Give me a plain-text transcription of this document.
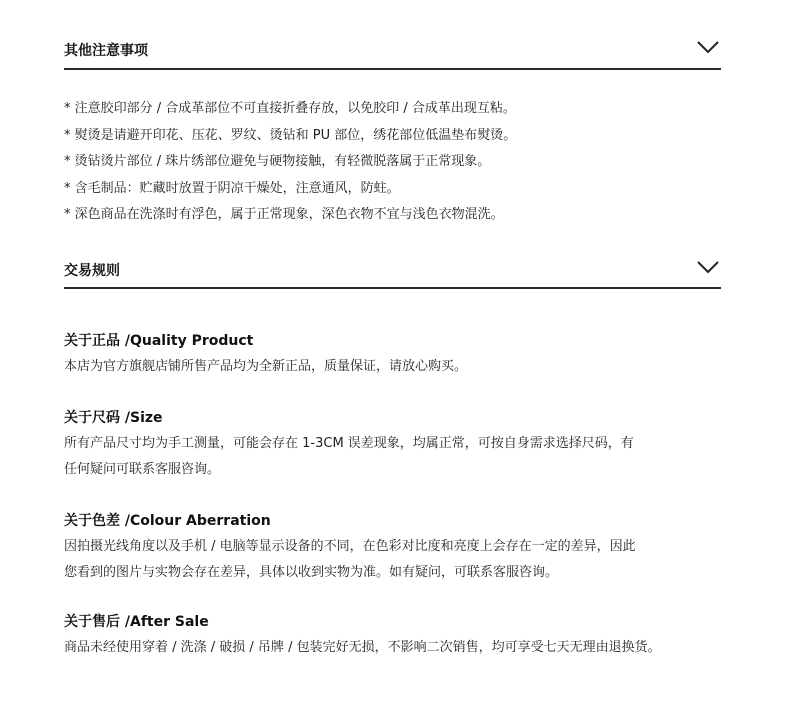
其他注意事项
* 注意胶印部分 / 合成革部位不可直接折叠存放，以免胶印 / 合成革出现互粘。
* 熨烫是请避开印花、压花、罗纹、烫钻和 PU 部位，绣花部位低温垫布熨烫。
* 烫钻烫片部位 / 珠片绣部位避免与硬物接触，有轻微脱落属于正常现象。
* 含毛制品：贮藏时放置于阴凉干燥处，注意通风，防蛀。
* 深色商品在洗涤时有浮色，属于正常现象，深色衣物不宜与浅色衣物混洗。
交易规则
关于正品 /Quality Product
本店为官方旗舰店铺所售产品均为全新正品，质量保证，请放心购买。
关于尺码 /Size
所有产品尺寸均为手工测量，可能会存在 1-3CM 误差现象，均属正常，可按自身需求选择尺码，有
任何疑问可联系客服咨询。
关于色差 /Colour Aberration
因拍摄光线角度以及手机 / 电脑等显示设备的不同，在色彩对比度和亮度上会存在一定的差异，因此
您看到的图片与实物会存在差异，具体以收到实物为准。如有疑问，可联系客服咨询。
关于售后 /After Sale
商品未经使用穿着 / 洗涤 / 破损 / 吊牌 / 包装完好无损，不影响二次销售，均可享受七天无理由退换货。
